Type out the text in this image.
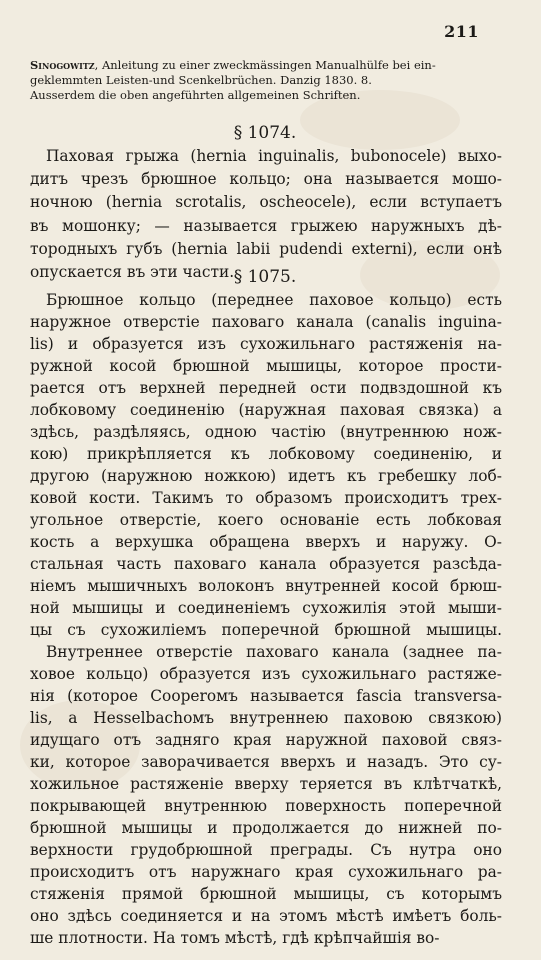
211
Sinogowitz, Anleitung zu einer zweckmässingen Manualhülfe bei ein-
geklemmten Leisten-und Scenkelbrüchen. Danzig 1830. 8.
Ausserdem die oben angeführten allgemeinen Schriften.
§ 1074.
Паховая грыжа (hernia inguinalis, bubonocele) выхо-
дитъ чрезъ брюшное кольцо; она называется мошо-
ночною (hernia scrotalis, oscheocele), если вступаетъ
въ мошонку; — называется грыжею наружныхъ дѣ-
тородныхъ губъ (hernia labii pudendi externi), если онѣ
опускается въ эти части. § 1075.
Брюшное кольцо (переднее паховое кольцо) есть
наружное отверстіе паховаго канала (canalis inguina-
lis) и образуется изъ сухожильнаго растяженія на-
ружной косой брюшной мышицы, которое прости-
рается отъ верхней передней ости подвздошной къ
лобковому соединенію (наружная паховая связка) а
здѣсь, раздѣляясь, одною частію (внутреннюю нож-
кою) прикрѣпляется къ лобковому соединенію, и
другою (наружною ножкою) идетъ къ гребешку лоб-
ковой кости. Такимъ то образомъ происходитъ трех-
угольное отверстіе, коего основаніе есть лобковая
кость а верхушка обращена вверхъ и наружу. О-
стальная часть паховаго канала образуется разсѣда-
ніемъ мышичныхъ волоконъ внутренней косой брюш-
ной мышицы и соединеніемъ сухожилія этой мыши-
цы съ сухожиліемъ поперечной брюшной мышицы.
Внутреннее отверстіе паховаго канала (заднее па-
ховое кольцо) образуется изъ сухожильнаго растяже-
нія (которое Cooperомъ называется fascia transversa-
lis, а Hesselbachомъ внутреннею паховою связкою)
идущаго отъ задняго края наружной паховой связ-
ки, которое заворачивается вверхъ и назадъ. Это су-
хожильное растяженіе вверху теряется въ клѣтчаткѣ,
покрывающей внутреннюю поверхность поперечной
брюшной мышицы и продолжается до нижней по-
верхности грудобрюшной преграды. Съ нутра оно
происходитъ отъ наружнаго края сухожильнаго ра-
стяженія прямой брюшной мышицы, съ которымъ
оно здѣсь соединяется и на этомъ мѣстѣ имѣетъ боль-
ше плотности. На томъ мѣстѣ, гдѣ крѣпчайшія во-
